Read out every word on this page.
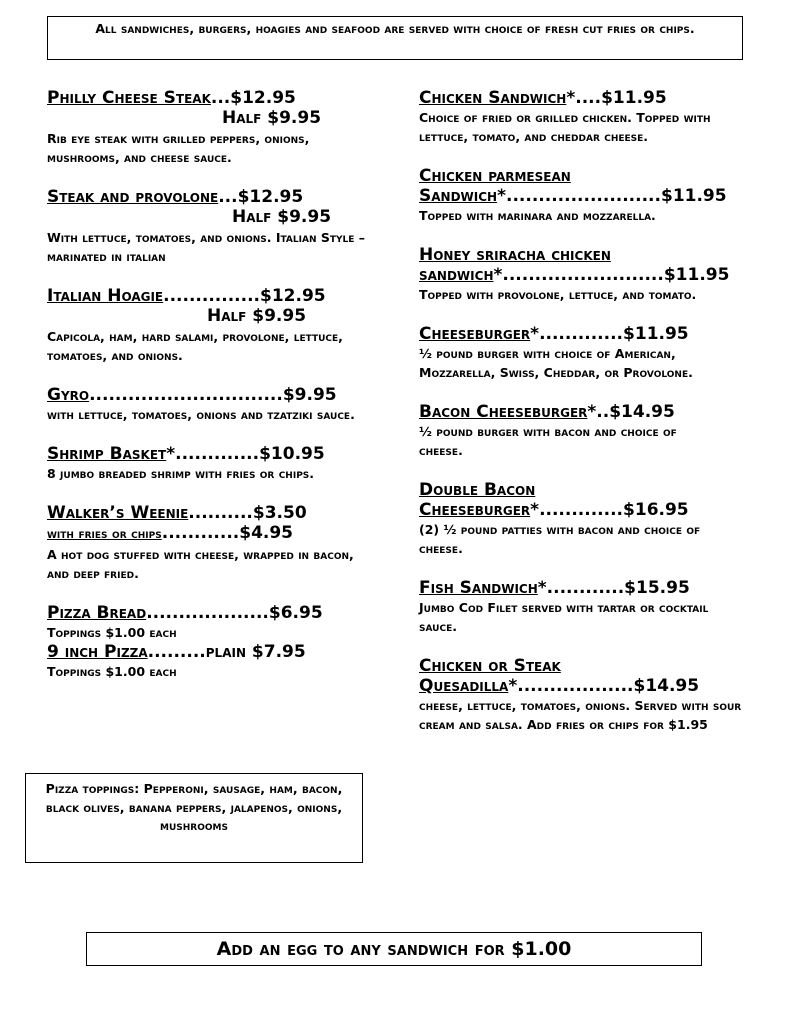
All sandwiches, burgers, hoagies and seafood are served with choice of fresh cut fries or chips.
Philly Cheese Steak...$12.95
Half $9.95
Rib eye steak with grilled peppers, onions, mushrooms, and cheese sauce.
Steak and provolone...$12.95
Half $9.95
With lettuce, tomatoes, and onions. Italian Style – marinated in italian
Italian Hoagie...............$12.95
Half $9.95
Capicola, ham, hard salami, provolone, lettuce, tomatoes, and onions.
Gyro..............................$9.95
with lettuce, tomatoes, onions and tzatziki sauce.
Shrimp Basket*.............$10.95
8 jumbo breaded shrimp with fries or chips.
Walker’s Weenie..........$3.50
with fries or chips............$4.95
A hot dog stuffed with cheese, wrapped in bacon, and deep fried.
Pizza Bread...................$6.95
Toppings $1.00 each
9 inch Pizza.........plain $7.95
Toppings $1.00 each
Pizza toppings: Pepperoni, sausage, ham, bacon, black olives, banana peppers, jalapenos, onions, mushrooms
Chicken Sandwich*....$11.95
Choice of fried or grilled chicken. Topped with lettuce, tomato, and cheddar cheese.
Chicken parmesean
Sandwich*........................$11.95
Topped with marinara and mozzarella.
Honey sriracha chicken
sandwich*.........................$11.95
Topped with provolone, lettuce, and tomato.
Cheeseburger*.............$11.95
½ pound burger with choice of American, Mozzarella, Swiss, Cheddar, or Provolone.
Bacon Cheeseburger*..$14.95
½ pound burger with bacon and choice of cheese.
Double Bacon
Cheeseburger*.............$16.95
(2) ½ pound patties with bacon and choice of cheese.
Fish Sandwich*............$15.95
Jumbo Cod Filet served with tartar or cocktail sauce.
Chicken or Steak
Quesadilla*..................$14.95
cheese, lettuce, tomatoes, onions. Served with sour cream and salsa. Add fries or chips for $1.95
Add an egg to any sandwich for $1.00
